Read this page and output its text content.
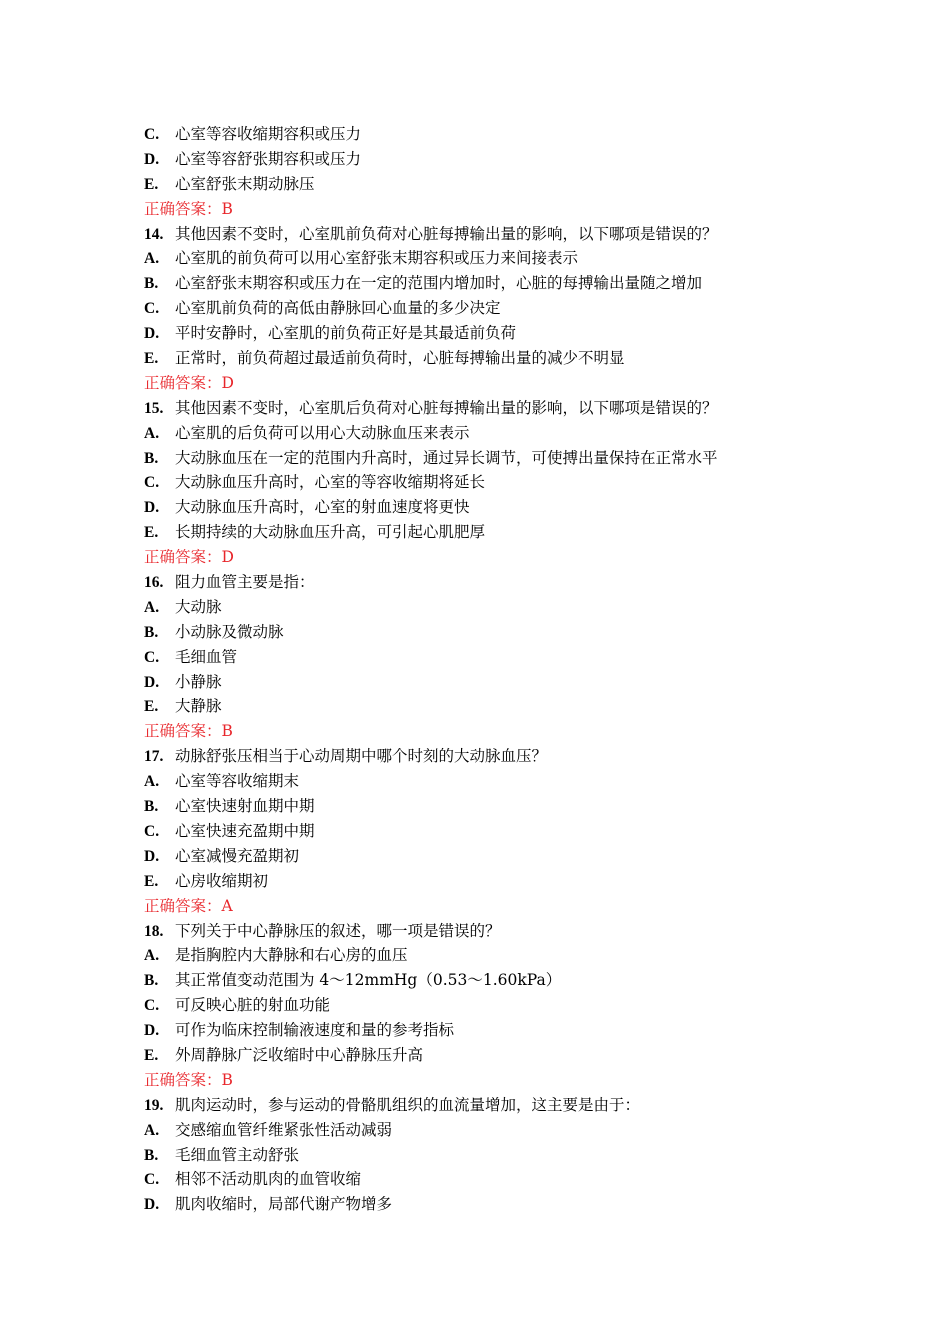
C. 心室等容收缩期容积或压力
D. 心室等容舒张期容积或压力
E. 心室舒张末期动脉压
正确答案：B
14. 其他因素不变时，心室肌前负荷对心脏每搏输出量的影响，以下哪项是错误的？
A. 心室肌的前负荷可以用心室舒张末期容积或压力来间接表示
B. 心室舒张末期容积或压力在一定的范围内增加时，心脏的每搏输出量随之增加
C. 心室肌前负荷的高低由静脉回心血量的多少决定
D. 平时安静时，心室肌的前负荷正好是其最适前负荷
E. 正常时，前负荷超过最适前负荷时，心脏每搏输出量的减少不明显
正确答案：D
15. 其他因素不变时，心室肌后负荷对心脏每搏输出量的影响，以下哪项是错误的？
A. 心室肌的后负荷可以用心大动脉血压来表示
B. 大动脉血压在一定的范围内升高时，通过异长调节，可使搏出量保持在正常水平
C. 大动脉血压升高时，心室的等容收缩期将延长
D. 大动脉血压升高时，心室的射血速度将更快
E. 长期持续的大动脉血压升高，可引起心肌肥厚
正确答案：D
16. 阻力血管主要是指：
A. 大动脉
B. 小动脉及微动脉
C. 毛细血管
D. 小静脉
E. 大静脉
正确答案：B
17. 动脉舒张压相当于心动周期中哪个时刻的大动脉血压？
A. 心室等容收缩期末
B. 心室快速射血期中期
C. 心室快速充盈期中期
D. 心室减慢充盈期初
E. 心房收缩期初
正确答案：A
18. 下列关于中心静脉压的叙述，哪一项是错误的？
A. 是指胸腔内大静脉和右心房的血压
B. 其正常值变动范围为 4～12mmHg（0.53～1.60kPa）
C. 可反映心脏的射血功能
D. 可作为临床控制输液速度和量的参考指标
E. 外周静脉广泛收缩时中心静脉压升高
正确答案：B
19. 肌肉运动时，参与运动的骨骼肌组织的血流量增加，这主要是由于：
A. 交感缩血管纤维紧张性活动减弱
B. 毛细血管主动舒张
C. 相邻不活动肌肉的血管收缩
D. 肌肉收缩时，局部代谢产物增多
